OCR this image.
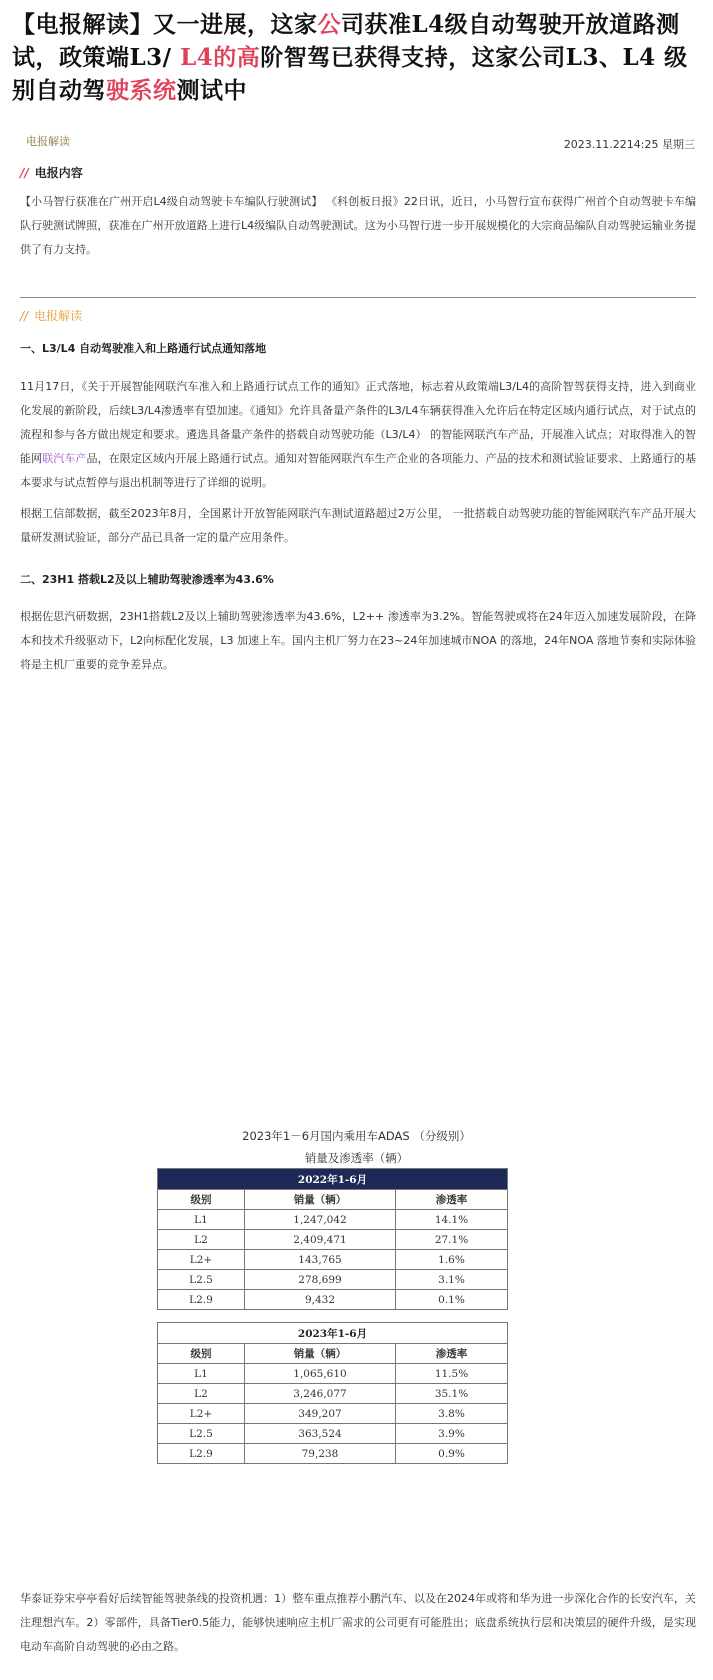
【电报解读】又一进展，这家公司获准L4级自动驾驶开放道路测试，政策端L3/ L4的高阶智驾已获得支持，这家公司L3、L4 级别自动驾驶系统测试中
电报解读	2023.11.2214:25 星期三
// 电报内容
【小马智行获准在广州开启L4级自动驾驶卡车编队行驶测试】 《科创板日报》22日讯，近日，小马智行宣布获得广州首个自动驾驶卡车编队行驶测试牌照，获准在广州开放道路上进行L4级编队自动驾驶测试。这为小马智行进一步开展规模化的大宗商品编队自动驾驶运输业务提供了有力支持。
// 电报解读
一、L3/L4 自动驾驶准入和上路通行试点通知落地
11月17日，《关于开展智能网联汽车准入和上路通行试点工作的通知》正式落地，标志着从政策端L3/L4的高阶智驾获得支持，进入到商业化发展的新阶段，后续L3/L4渗透率有望加速。《通知》允许具备量产条件的L3/L4车辆获得准入允许后在特定区域内通行试点，对于试点的流程和参与各方做出规定和要求。遴选具备量产条件的搭载自动驾驶功能（L3/L4） 的智能网联汽车产品，开展准入试点；对取得准入的智能网联汽车产品，在限定区域内开展上路通行试点。通知对智能网联汽车生产企业的各项能力、产品的技术和测试验证要求、上路通行的基本要求与试点暂停与退出机制等进行了详细的说明。
根据工信部数据，截至2023年8月，全国累计开放智能网联汽车测试道路超过2万公里， 一批搭载自动驾驶功能的智能网联汽车产品开展大量研发测试验证，部分产品已具备一定的量产应用条件。
二、23H1 搭载L2及以上辅助驾驶渗透率为43.6%
根据佐思汽研数据，23H1搭载L2及以上辅助驾驶渗透率为43.6%，L2++ 渗透率为3.2%。智能驾驶或将在24年迈入加速发展阶段，在降本和技术升级驱动下，L2向标配化发展，L3 加速上车。国内主机厂努力在23~24年加速城市NOA 的落地，24年NOA 落地节奏和实际体验将是主机厂重要的竞争差异点。
2023年1－6月国内乘用车ADAS （分级别）
销量及渗透率（辆）
2022年1-6月		
级别	销量（辆）	渗透率
L1	1,247,042	14.1%
L2	2,409,471	27.1%
L2+	143,765	1.6%
L2.5	278,699	3.1%
L2.9	9,432	0.1%
2023年1-6月		
级别	销量（辆）	渗透率
L1	1,065,610	11.5%
L2	3,246,077	35.1%
L2+	349,207	3.8%
L2.5	363,524	3.9%
L2.9	79,238	0.9%
华泰证券宋亭亭看好后续智能驾驶条线的投资机遇：1）整车重点推荐小鹏汽车、以及在2024年或将和华为进一步深化合作的长安汽车，关注理想汽车。2）零部件，具备Tier0.5能力，能够快速响应主机厂需求的公司更有可能胜出；底盘系统执行层和决策层的硬件升级，是实现电动车高阶自动驾驶的必由之路。
